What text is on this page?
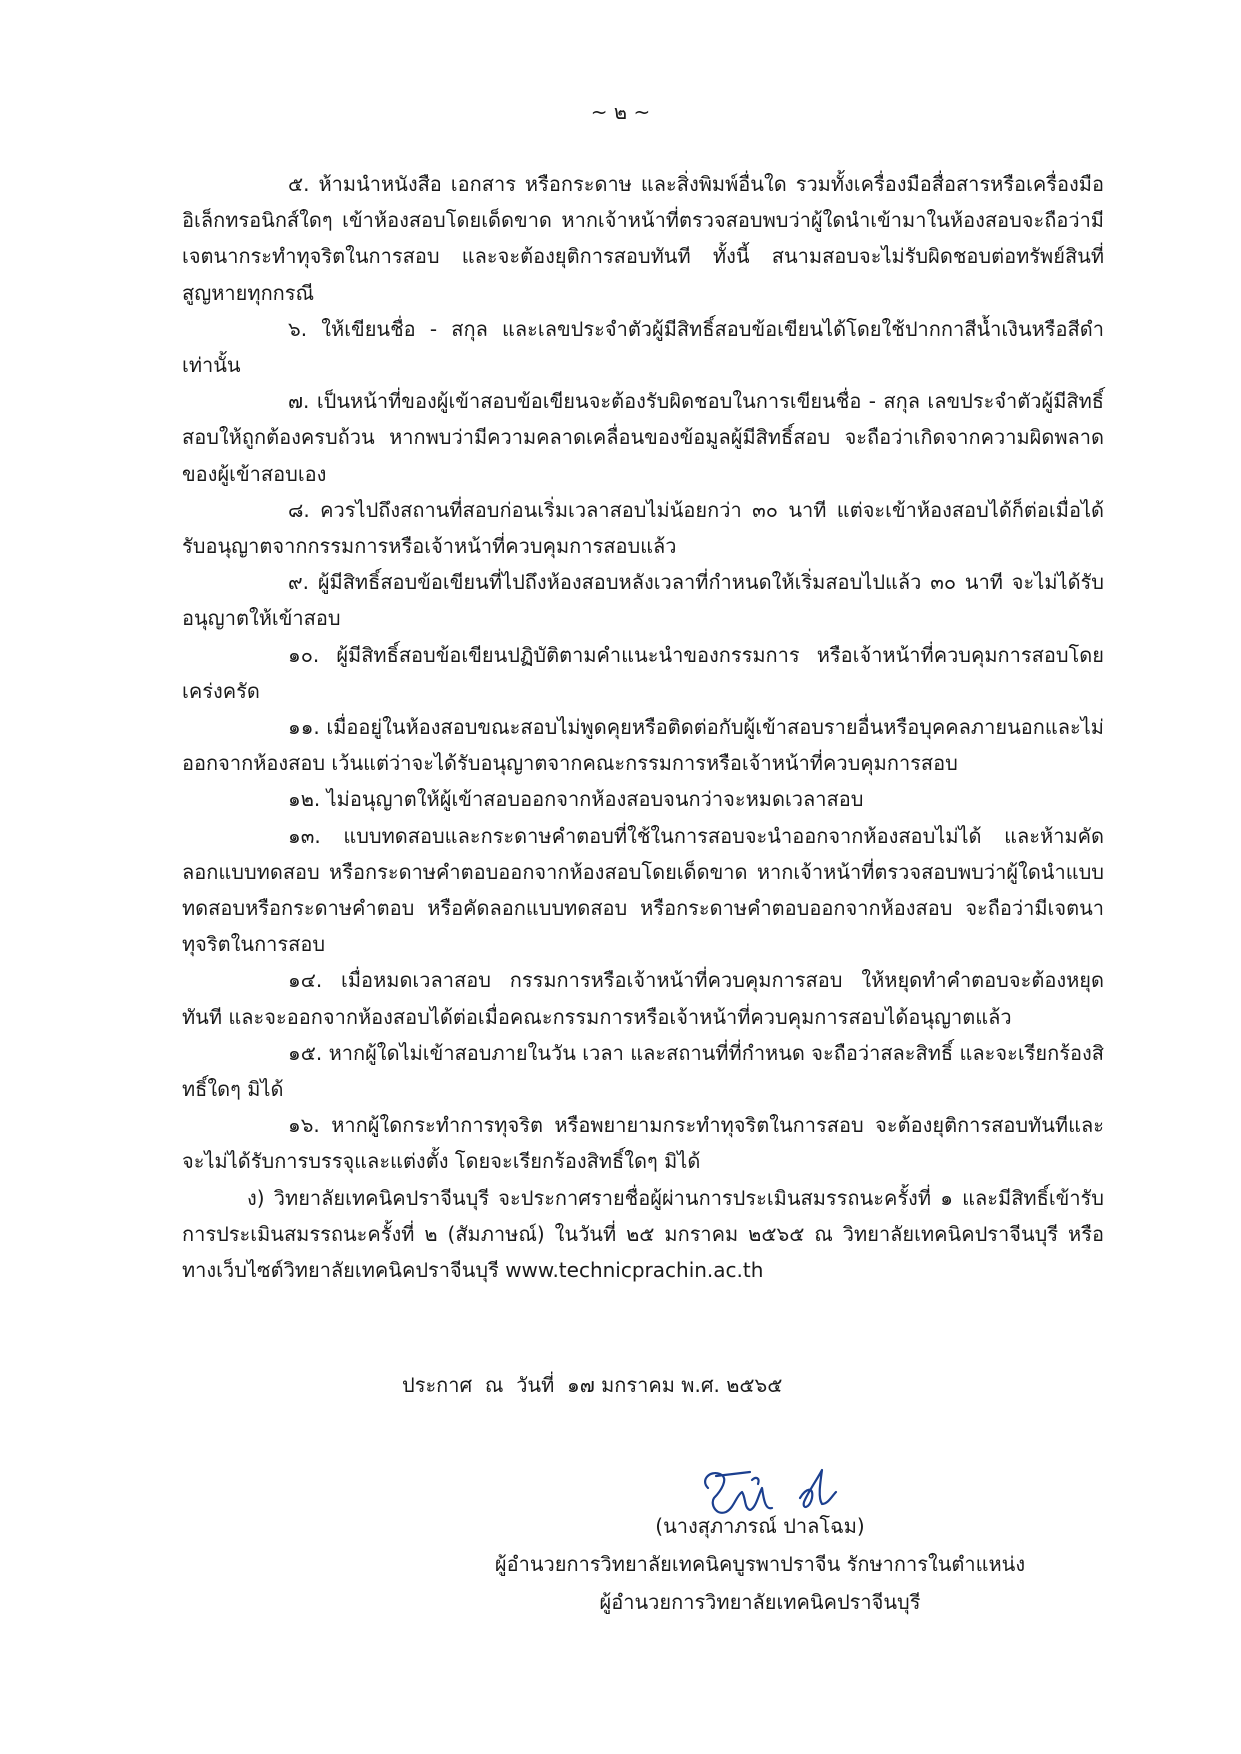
~ ๒ ~

๕. ห้ามนำหนังสือ เอกสาร หรือกระดาษ และสิ่งพิมพ์อื่นใด รวมทั้งเครื่องมือสื่อสารหรือเครื่องมืออิเล็กทรอนิกส์ใดๆ เข้าห้องสอบโดยเด็ดขาด หากเจ้าหน้าที่ตรวจสอบพบว่าผู้ใดนำเข้ามาในห้องสอบจะถือว่ามีเจตนากระทำทุจริตในการสอบ และจะต้องยุติการสอบทันที ทั้งนี้ สนามสอบจะไม่รับผิดชอบต่อทรัพย์สินที่สูญหายทุกกรณี

๖. ให้เขียนชื่อ - สกุล และเลขประจำตัวผู้มีสิทธิ์สอบข้อเขียนได้โดยใช้ปากกาสีน้ำเงินหรือสีดำเท่านั้น

๗. เป็นหน้าที่ของผู้เข้าสอบข้อเขียนจะต้องรับผิดชอบในการเขียนชื่อ - สกุล เลขประจำตัวผู้มีสิทธิ์สอบให้ถูกต้องครบถ้วน หากพบว่ามีความคลาดเคลื่อนของข้อมูลผู้มีสิทธิ์สอบ จะถือว่าเกิดจากความผิดพลาดของผู้เข้าสอบเอง

๘. ควรไปถึงสถานที่สอบก่อนเริ่มเวลาสอบไม่น้อยกว่า ๓๐ นาที แต่จะเข้าห้องสอบได้ก็ต่อเมื่อได้รับอนุญาตจากกรรมการหรือเจ้าหน้าที่ควบคุมการสอบแล้ว

๙. ผู้มีสิทธิ์สอบข้อเขียนที่ไปถึงห้องสอบหลังเวลาที่กำหนดให้เริ่มสอบไปแล้ว ๓๐ นาที จะไม่ได้รับอนุญาตให้เข้าสอบ

๑๐. ผู้มีสิทธิ์สอบข้อเขียนปฏิบัติตามคำแนะนำของกรรมการ หรือเจ้าหน้าที่ควบคุมการสอบโดยเคร่งครัด

๑๑. เมื่ออยู่ในห้องสอบขณะสอบไม่พูดคุยหรือติดต่อกับผู้เข้าสอบรายอื่นหรือบุคคลภายนอกและไม่ออกจากห้องสอบ เว้นแต่ว่าจะได้รับอนุญาตจากคณะกรรมการหรือเจ้าหน้าที่ควบคุมการสอบ

๑๒. ไม่อนุญาตให้ผู้เข้าสอบออกจากห้องสอบจนกว่าจะหมดเวลาสอบ

๑๓. แบบทดสอบและกระดาษคำตอบที่ใช้ในการสอบจะนำออกจากห้องสอบไม่ได้ และห้ามคัดลอกแบบทดสอบ หรือกระดาษคำตอบออกจากห้องสอบโดยเด็ดขาด หากเจ้าหน้าที่ตรวจสอบพบว่าผู้ใดนำแบบทดสอบหรือกระดาษคำตอบ หรือคัดลอกแบบทดสอบ หรือกระดาษคำตอบออกจากห้องสอบ จะถือว่ามีเจตนาทุจริตในการสอบ

๑๔. เมื่อหมดเวลาสอบ กรรมการหรือเจ้าหน้าที่ควบคุมการสอบ ให้หยุดทำคำตอบจะต้องหยุดทันที และจะออกจากห้องสอบได้ต่อเมื่อคณะกรรมการหรือเจ้าหน้าที่ควบคุมการสอบได้อนุญาตแล้ว

๑๕. หากผู้ใดไม่เข้าสอบภายในวัน เวลา และสถานที่ที่กำหนด จะถือว่าสละสิทธิ์ และจะเรียกร้องสิทธิ์ใดๆ มิได้

๑๖. หากผู้ใดกระทำการทุจริต หรือพยายามกระทำทุจริตในการสอบ จะต้องยุติการสอบทันทีและจะไม่ได้รับการบรรจุและแต่งตั้ง โดยจะเรียกร้องสิทธิ์ใดๆ มิได้

ง) วิทยาลัยเทคนิคปราจีนบุรี จะประกาศรายชื่อผู้ผ่านการประเมินสมรรถนะครั้งที่ ๑ และมีสิทธิ์เข้ารับการประเมินสมรรถนะครั้งที่ ๒ (สัมภาษณ์) ในวันที่ ๒๕ มกราคม ๒๕๖๕ ณ วิทยาลัยเทคนิคปราจีนบุรี หรือทางเว็บไซต์วิทยาลัยเทคนิคปราจีนบุรี www.technicprachin.ac.th

ประกาศ  ณ  วันที่  ๑๗ มกราคม พ.ศ. ๒๕๖๕
(นางสุภาภรณ์ ปาลโฉม)
ผู้อำนวยการวิทยาลัยเทคนิคบูรพาปราจีน รักษาการในตำแหน่ง
ผู้อำนวยการวิทยาลัยเทคนิคปราจีนบุรี
